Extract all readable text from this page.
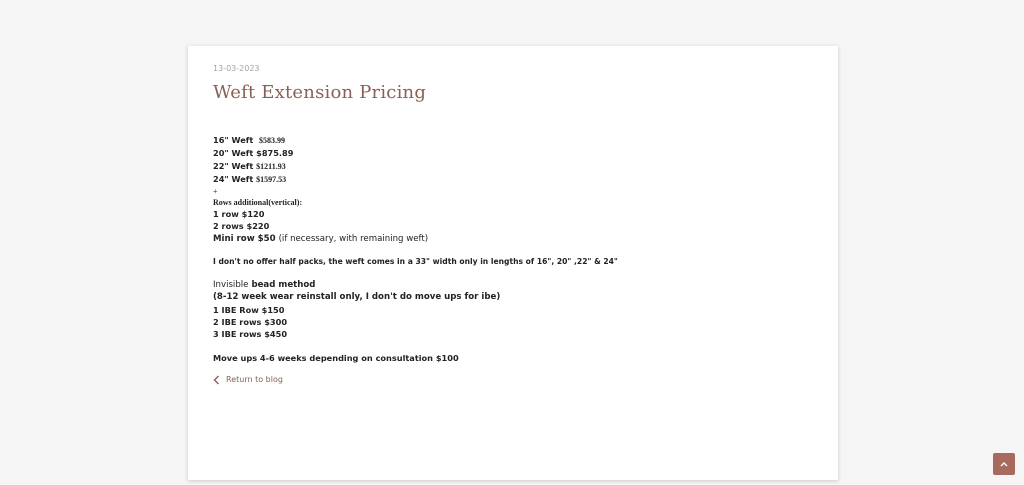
13-03-2023
Weft Extension Pricing
16" Weft $583.99
20" Weft $875.89
22" Weft $1211.93
24" Weft $1597.53
+
Rows additional(vertical):
1 row $120
2 rows $220
Mini row $50 (if necessary, with remaining weft)
I don't no offer half packs, the weft comes in a 33" width only in lengths of 16", 20" ,22" & 24"
Invisible bead method
(8-12 week wear reinstall only, I don't do move ups for ibe)
1 IBE Row $150
2 IBE rows $300
3 IBE rows $450
Move ups 4-6 weeks depending on consultation $100
Return to blog
